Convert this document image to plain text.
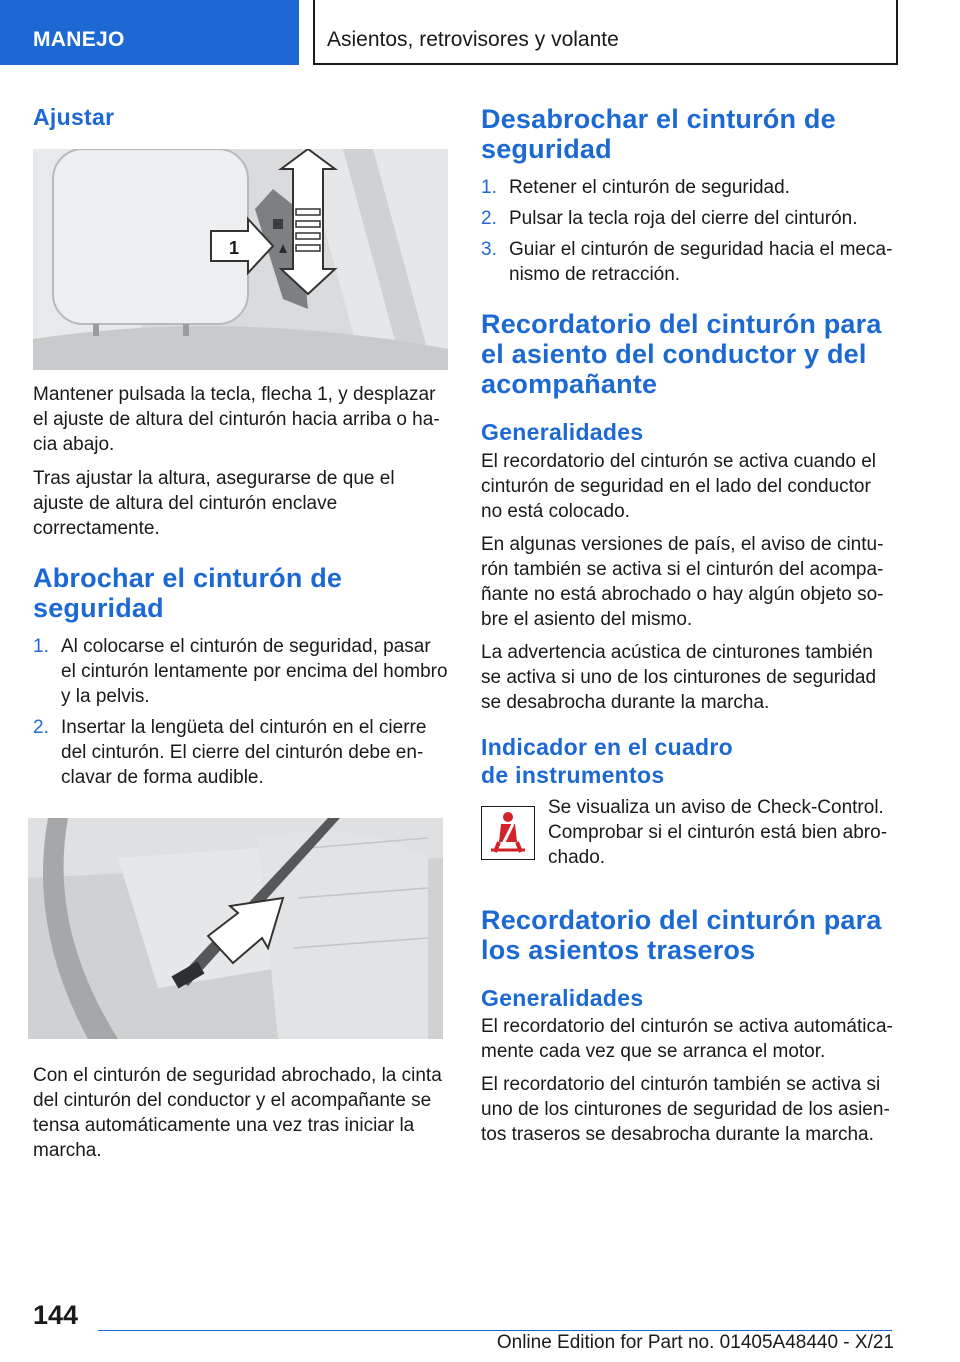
MANEJO	Asientos, retrovisores y volante
Ajustar
1

Mantener pulsada la tecla, flecha 1, y desplazar el ajuste de altura del cinturón hacia arriba o hacia abajo.

Tras ajustar la altura, asegurarse de que el ajuste de altura del cinturón enclave correctamente.

Abrochar el cinturón de seguridad
1. Al colocarse el cinturón de seguridad, pasar el cinturón lentamente por encima del hombro y la pelvis.
2. Insertar la lengüeta del cinturón en el cierre del cinturón. El cierre del cinturón debe enclavar de forma audible.

Con el cinturón de seguridad abrochado, la cinta del cinturón del conductor y el acompañante se tensa automáticamente una vez tras iniciar la marcha.

Desabrochar el cinturón de seguridad
1. Retener el cinturón de seguridad.
2. Pulsar la tecla roja del cierre del cinturón.
3. Guiar el cinturón de seguridad hacia el mecanismo de retracción.
Recordatorio del cinturón para el asiento del conductor y del acompañante
Generalidades

El recordatorio del cinturón se activa cuando el cinturón de seguridad en el lado del conductor no está colocado.

En algunas versiones de país, el aviso de cinturón también se activa si el cinturón del acompañante no está abrochado o hay algún objeto sobre el asiento del mismo.

La advertencia acústica de cinturones también se activa si uno de los cinturones de seguridad se desabrocha durante la marcha.

Indicador en el cuadro
de instrumentos

Se visualiza un aviso de Check-Control. Comprobar si el cinturón está bien abrochado.

Recordatorio del cinturón para los asientos traseros
Generalidades

El recordatorio del cinturón se activa automáticamente cada vez que se arranca el motor.

El recordatorio del cinturón también se activa si uno de los cinturones de seguridad de los asientos traseros se desabrocha durante la marcha.

144
Online Edition for Part no. 01405A48440 - X/21
